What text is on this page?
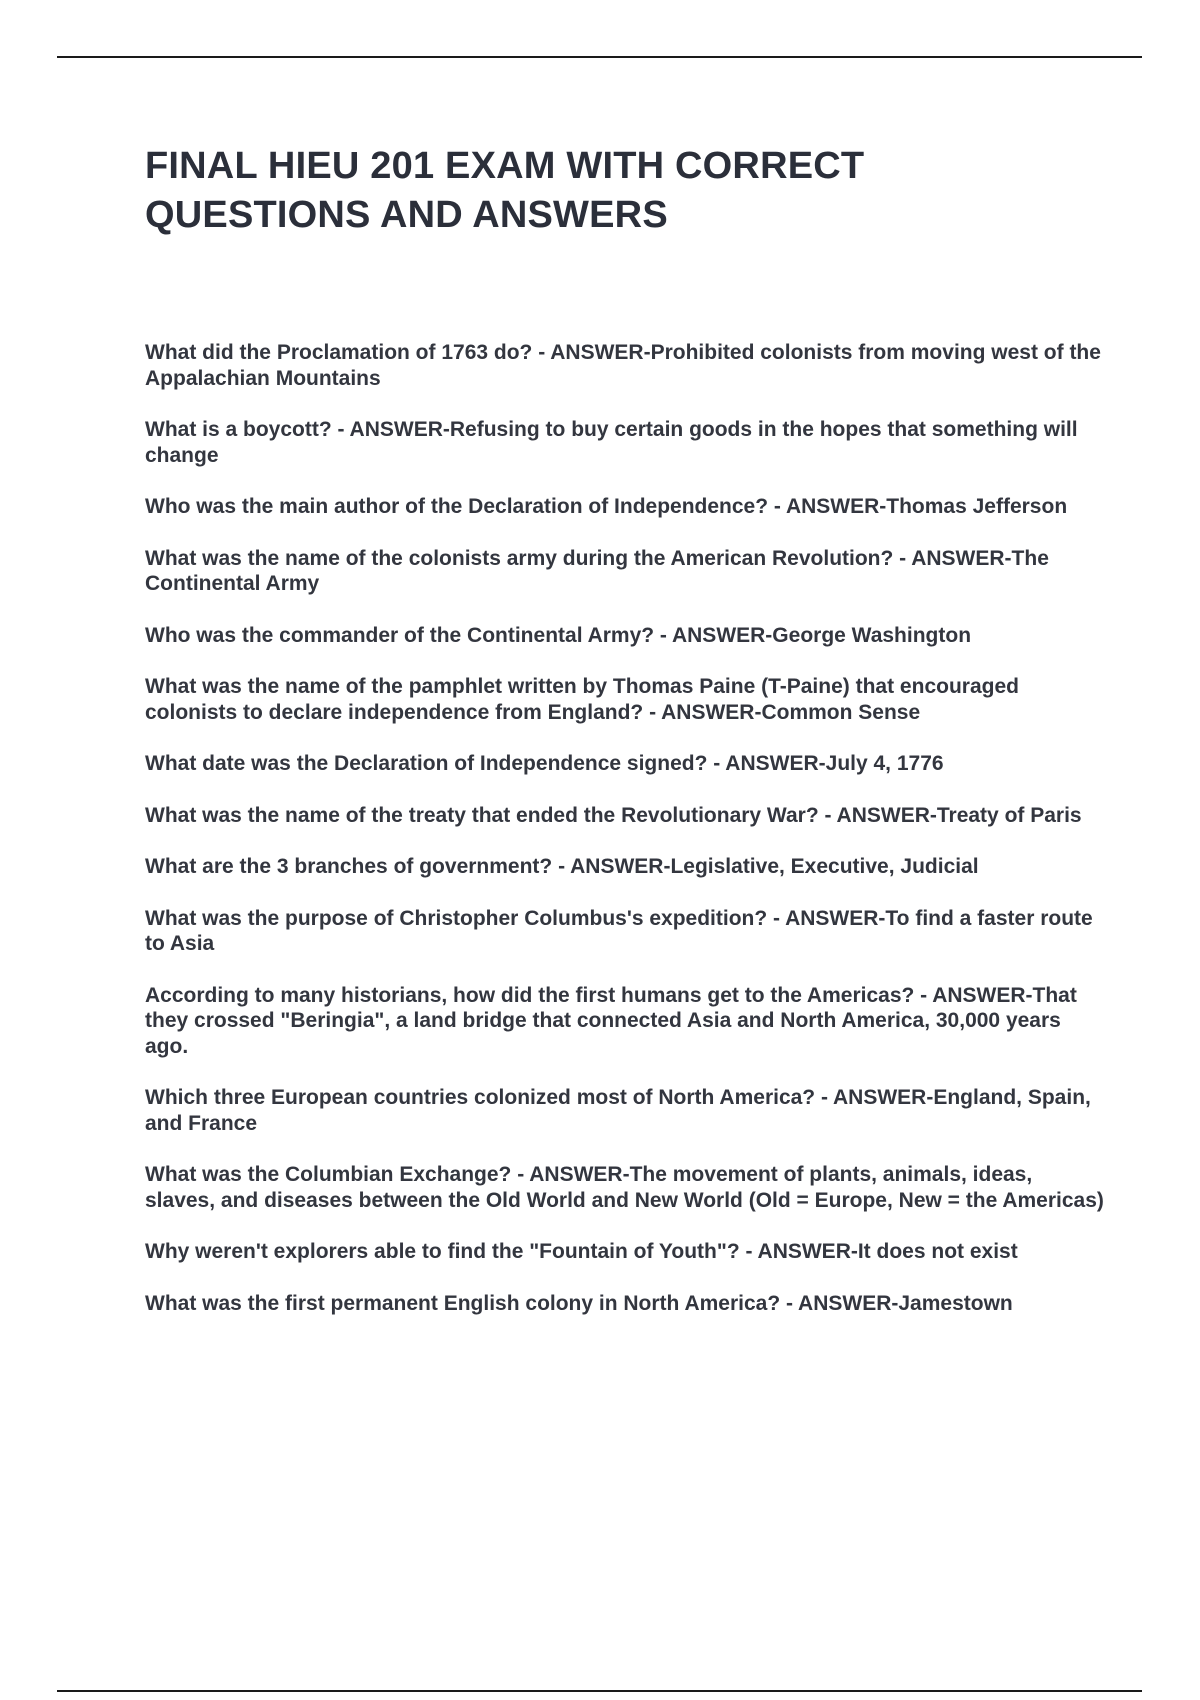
FINAL HIEU 201 EXAM WITH CORRECT QUESTIONS AND ANSWERS
What did the Proclamation of 1763 do? - ANSWER-Prohibited colonists from moving west of the Appalachian Mountains
What is a boycott? - ANSWER-Refusing to buy certain goods in the hopes that something will change
Who was the main author of the Declaration of Independence? - ANSWER-Thomas Jefferson
What was the name of the colonists army during the American Revolution? - ANSWER-The Continental Army
Who was the commander of the Continental Army? - ANSWER-George Washington
What was the name of the pamphlet written by Thomas Paine (T-Paine) that encouraged colonists to declare independence from England? - ANSWER-Common Sense
What date was the Declaration of Independence signed? - ANSWER-July 4, 1776
What was the name of the treaty that ended the Revolutionary War? - ANSWER-Treaty of Paris
What are the 3 branches of government? - ANSWER-Legislative, Executive, Judicial
What was the purpose of Christopher Columbus's expedition? - ANSWER-To find a faster route to Asia
According to many historians, how did the first humans get to the Americas? - ANSWER-That they crossed "Beringia", a land bridge that connected Asia and North America, 30,000 years ago.
Which three European countries colonized most of North America? - ANSWER-England, Spain, and France
What was the Columbian Exchange? - ANSWER-The movement of plants, animals, ideas, slaves, and diseases between the Old World and New World (Old = Europe, New = the Americas)
Why weren't explorers able to find the "Fountain of Youth"? - ANSWER-It does not exist
What was the first permanent English colony in North America? - ANSWER-Jamestown
